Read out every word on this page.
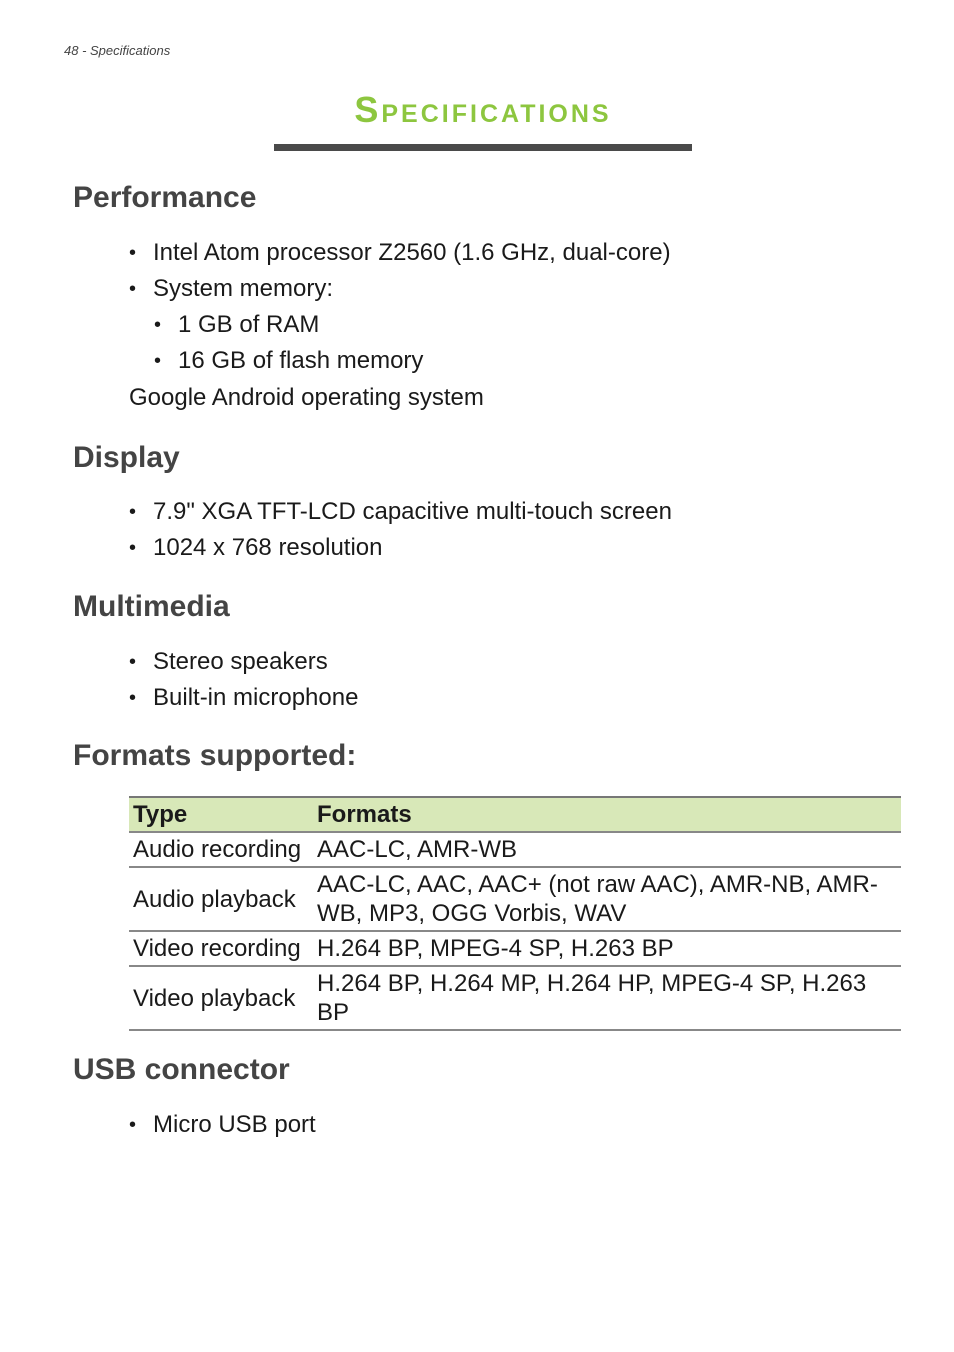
48 - Specifications
Specifications
Performance
• Intel Atom processor Z2560 (1.6 GHz, dual-core)
• System memory:
• 1 GB of RAM
• 16 GB of flash memory
Google Android operating system
Display
• 7.9" XGA TFT-LCD capacitive multi-touch screen
• 1024 x 768 resolution
Multimedia
• Stereo speakers
• Built-in microphone
Formats supported:
Type	Formats
Audio recording	AAC-LC, AMR-WB
Audio playback	AAC-LC, AAC, AAC+ (not raw AAC), AMR-NB, AMR-WB, MP3, OGG Vorbis, WAV
Video recording	H.264 BP, MPEG-4 SP, H.263 BP
Video playback	H.264 BP, H.264 MP, H.264 HP, MPEG-4 SP, H.263 BP
USB connector
• Micro USB port
